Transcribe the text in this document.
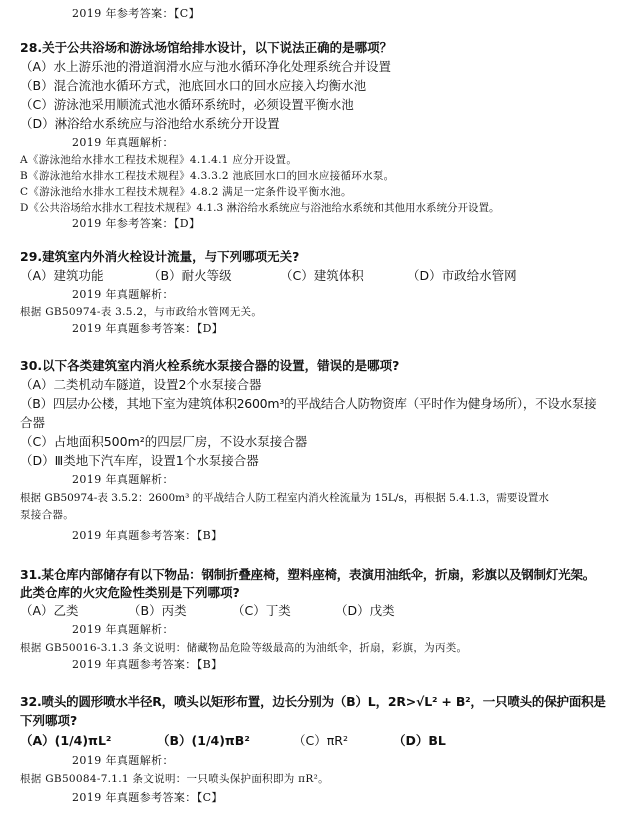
2019 年参考答案：【C】
28.关于公共浴场和游泳场馆给排水设计，以下说法正确的是哪项？
（A）水上游乐池的滑道润滑水应与池水循环净化处理系统合并设置
（B）混合流池水循环方式，池底回水口的回水应接入均衡水池
（C）游泳池采用顺流式池水循环系统时，必须设置平衡水池
（D）淋浴给水系统应与浴池给水系统分开设置
2019 年真题解析：
A《游泳池给水排水工程技术规程》4.1.4.1 应分开设置。
B《游泳池给水排水工程技术规程》4.3.3.2 池底回水口的回水应接循环水泵。
C《游泳池给水排水工程技术规程》4.8.2 满足一定条件设平衡水池。
D《公共浴场给水排水工程技术规程》4.1.3 淋浴给水系统应与浴池给水系统和其他用水系统分开设置。
2019 年参考答案：【D】
29.建筑室内外消火栓设计流量，与下列哪项无关?
（A）建筑功能	（B）耐火等级	（C）建筑体积	（D）市政给水管网
2019 年真题解析：
根据 GB50974-表 3.5.2，与市政给水管网无关。
2019 年真题参考答案：【D】
30.以下各类建筑室内消火栓系统水泵接合器的设置，错误的是哪项?
（A）二类机动车隧道，设置2个水泵接合器
（B）四层办公楼，其地下室为建筑体积2600m³的平战结合人防物资库（平时作为健身场所），不设水泵接
合器
（C）占地面积500m²的四层厂房，不设水泵接合器
（D）Ⅲ类地下汽车库，设置1个水泵接合器
2019 年真题解析：
根据 GB50974-表 3.5.2：2600m³ 的平战结合人防工程室内消火栓流量为 15L/s，再根据 5.4.1.3，需要设置水
泵接合器。
2019 年真题参考答案：【B】
31.某仓库内部储存有以下物品：钢制折叠座椅，塑料座椅，表演用油纸伞，折扇，彩旗以及钢制灯光架。
此类仓库的火灾危险性类别是下列哪项?
（A）乙类	（B）丙类	（C）丁类	（D）戊类
2019 年真题解析：
根据 GB50016-3.1.3 条文说明：储藏物品危险等级最高的为油纸伞，折扇，彩旗，为丙类。
2019 年真题参考答案：【B】
32.喷头的圆形喷水半径R，喷头以矩形布置，边长分别为（B）L，2R>√L² + B²，一只喷头的保护面积是
下列哪项?
（A）(1/4)πL²	（B）(1/4)πB²	（C）πR²	（D）BL
2019 年真题解析：
根据 GB50084-7.1.1 条文说明：一只喷头保护面积即为 πR²。
2019 年真题参考答案：【C】
